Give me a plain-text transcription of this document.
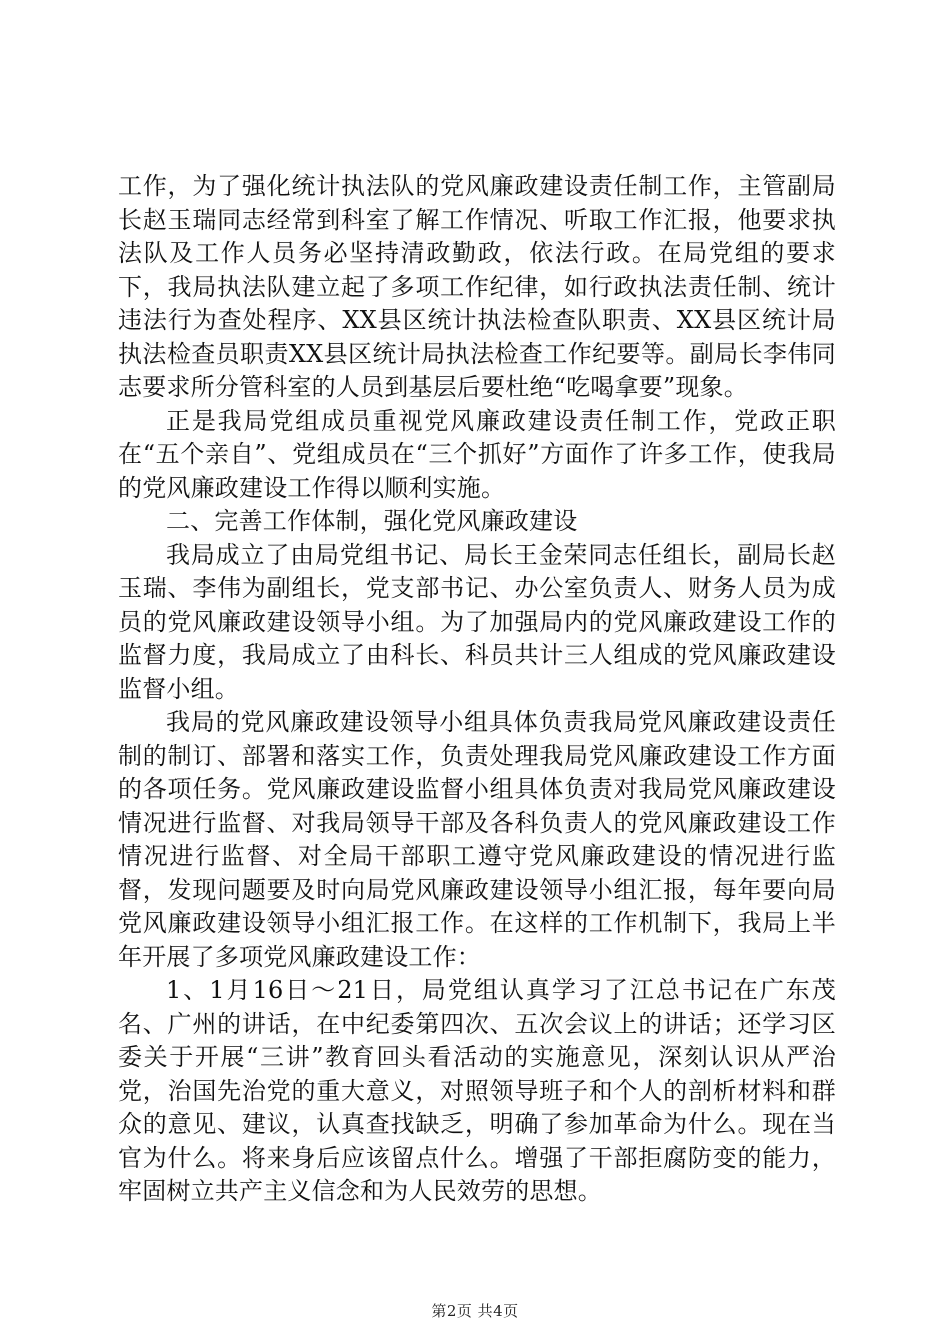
工作，为了强化统计执法队的党风廉政建设责任制工作，主管副局长赵玉瑞同志经常到科室了解工作情况、听取工作汇报，他要求执法队及工作人员务必坚持清政勤政，依法行政。在局党组的要求下，我局执法队建立起了多项工作纪律，如行政执法责任制、统计违法行为查处程序、XX县区统计执法检查队职责、XX县区统计局执法检查员职责XX县区统计局执法检查工作纪要等。副局长李伟同志要求所分管科室的人员到基层后要杜绝“吃喝拿要”现象。

正是我局党组成员重视党风廉政建设责任制工作，党政正职在“五个亲自”、党组成员在“三个抓好”方面作了许多工作，使我局的党风廉政建设工作得以顺利实施。

二、完善工作体制，强化党风廉政建设

我局成立了由局党组书记、局长王金荣同志任组长，副局长赵玉瑞、李伟为副组长，党支部书记、办公室负责人、财务人员为成员的党风廉政建设领导小组。为了加强局内的党风廉政建设工作的监督力度，我局成立了由科长、科员共计三人组成的党风廉政建设监督小组。

我局的党风廉政建设领导小组具体负责我局党风廉政建设责任制的制订、部署和落实工作，负责处理我局党风廉政建设工作方面的各项任务。党风廉政建设监督小组具体负责对我局党风廉政建设情况进行监督、对我局领导干部及各科负责人的党风廉政建设工作情况进行监督、对全局干部职工遵守党风廉政建设的情况进行监督，发现问题要及时向局党风廉政建设领导小组汇报，每年要向局党风廉政建设领导小组汇报工作。在这样的工作机制下，我局上半年开展了多项党风廉政建设工作：

1、1月16日～21日，局党组认真学习了江总书记在广东茂名、广州的讲话，在中纪委第四次、五次会议上的讲话；还学习区委关于开展“三讲”教育回头看活动的实施意见，深刻认识从严治党，治国先治党的重大意义，对照领导班子和个人的剖析材料和群众的意见、建议，认真查找缺乏，明确了参加革命为什么。现在当官为什么。将来身后应该留点什么。增强了干部拒腐防变的能力，牢固树立共产主义信念和为人民效劳的思想。

第2页 共4页
